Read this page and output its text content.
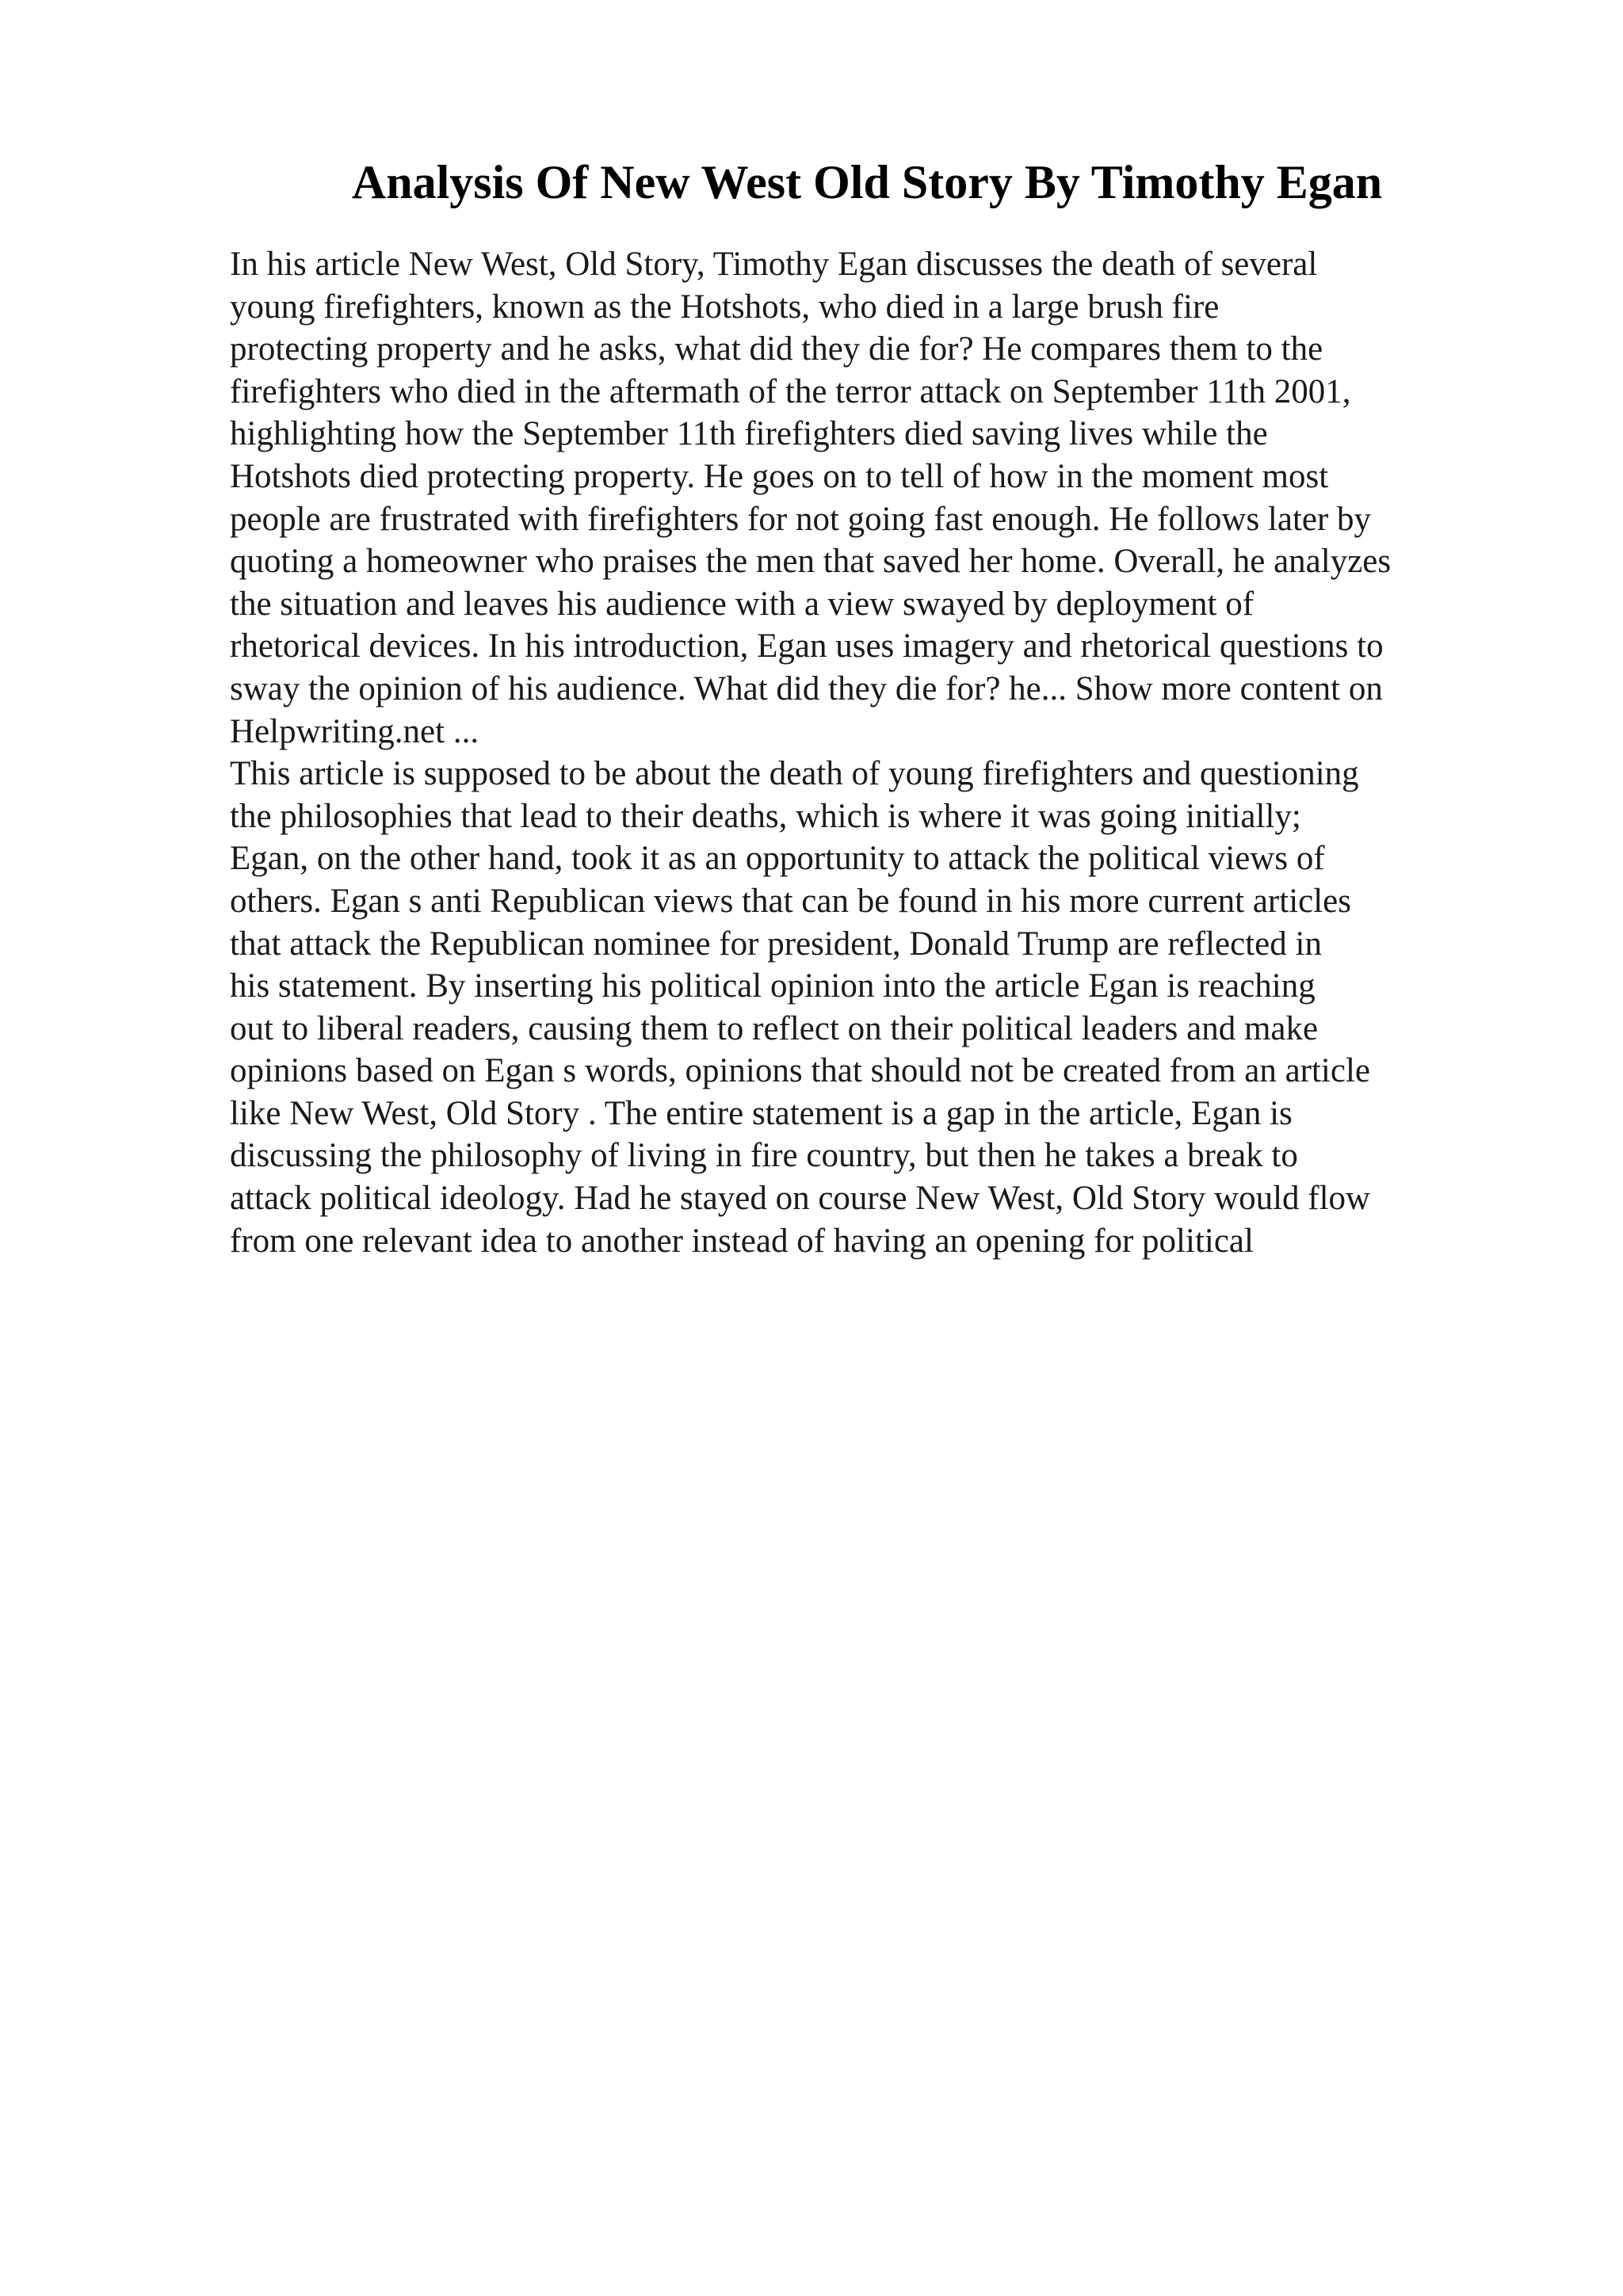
Analysis Of New West Old Story By Timothy Egan
In his article New West, Old Story, Timothy Egan discusses the death of several
young firefighters, known as the Hotshots, who died in a large brush fire
protecting property and he asks, what did they die for? He compares them to the
firefighters who died in the aftermath of the terror attack on September 11th 2001,
highlighting how the September 11th firefighters died saving lives while the
Hotshots died protecting property. He goes on to tell of how in the moment most
people are frustrated with firefighters for not going fast enough. He follows later by
quoting a homeowner who praises the men that saved her home. Overall, he analyzes
the situation and leaves his audience with a view swayed by deployment of
rhetorical devices. In his introduction, Egan uses imagery and rhetorical questions to
sway the opinion of his audience. What did they die for? he... Show more content on
Helpwriting.net ...
This article is supposed to be about the death of young firefighters and questioning
the philosophies that lead to their deaths, which is where it was going initially;
Egan, on the other hand, took it as an opportunity to attack the political views of
others. Egan s anti Republican views that can be found in his more current articles
that attack the Republican nominee for president, Donald Trump are reflected in
his statement. By inserting his political opinion into the article Egan is reaching
out to liberal readers, causing them to reflect on their political leaders and make
opinions based on Egan s words, opinions that should not be created from an article
like New West, Old Story . The entire statement is a gap in the article, Egan is
discussing the philosophy of living in fire country, but then he takes a break to
attack political ideology. Had he stayed on course New West, Old Story would flow
from one relevant idea to another instead of having an opening for political
